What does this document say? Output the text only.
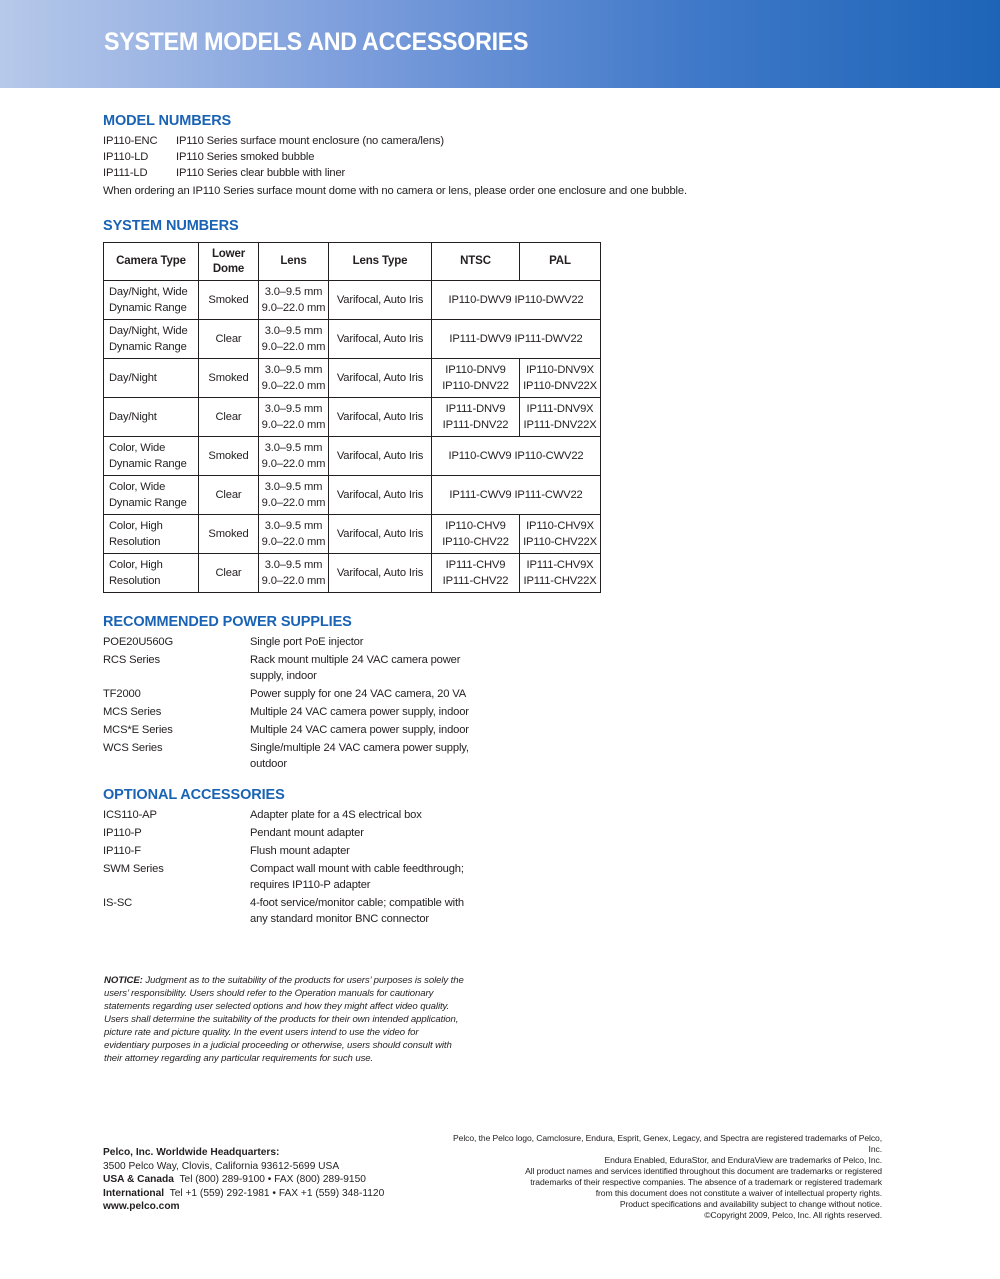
SYSTEM MODELS AND ACCESSORIES
MODEL NUMBERS
IP110-ENC	IP110 Series surface mount enclosure (no camera/lens)
IP110-LD	IP110 Series smoked bubble
IP111-LD	IP110 Series clear bubble with liner
When ordering an IP110 Series surface mount dome with no camera or lens, please order one enclosure and one bubble.
SYSTEM NUMBERS
Camera Type	Lower Dome	Lens	Lens Type	NTSC	PAL
Day/Night, Wide Dynamic Range	Smoked	3.0–9.5 mm 9.0–22.0 mm	Varifocal, Auto Iris	IP110-DWV9 IP110-DWV22	
Day/Night, Wide Dynamic Range	Clear	3.0–9.5 mm 9.0–22.0 mm	Varifocal, Auto Iris	IP111-DWV9 IP111-DWV22	
Day/Night	Smoked	3.0–9.5 mm 9.0–22.0 mm	Varifocal, Auto Iris	IP110-DNV9 IP110-DNV22	IP110-DNV9X IP110-DNV22X
Day/Night	Clear	3.0–9.5 mm 9.0–22.0 mm	Varifocal, Auto Iris	IP111-DNV9 IP111-DNV22	IP111-DNV9X IP111-DNV22X
Color, Wide Dynamic Range	Smoked	3.0–9.5 mm 9.0–22.0 mm	Varifocal, Auto Iris	IP110-CWV9 IP110-CWV22	
Color, Wide Dynamic Range	Clear	3.0–9.5 mm 9.0–22.0 mm	Varifocal, Auto Iris	IP111-CWV9 IP111-CWV22	
Color, High Resolution	Smoked	3.0–9.5 mm 9.0–22.0 mm	Varifocal, Auto Iris	IP110-CHV9 IP110-CHV22	IP110-CHV9X IP110-CHV22X
Color, High Resolution	Clear	3.0–9.5 mm 9.0–22.0 mm	Varifocal, Auto Iris	IP111-CHV9 IP111-CHV22	IP111-CHV9X IP111-CHV22X
RECOMMENDED POWER SUPPLIES
POE20U560G	Single port PoE injector
RCS Series	Rack mount multiple 24 VAC camera power supply, indoor
TF2000	Power supply for one 24 VAC camera, 20 VA
MCS Series	Multiple 24 VAC camera power supply, indoor
MCS*E Series	Multiple 24 VAC camera power supply, indoor
WCS Series	Single/multiple 24 VAC camera power supply, outdoor
OPTIONAL ACCESSORIES
ICS110-AP	Adapter plate for a 4S electrical box
IP110-P	Pendant mount adapter
IP110-F	Flush mount adapter
SWM Series	Compact wall mount with cable feedthrough; requires IP110-P adapter
IS-SC	4-foot service/monitor cable; compatible with any standard monitor BNC connector
NOTICE: Judgment as to the suitability of the products for users’ purposes is solely the users’ responsibility. Users should refer to the Operation manuals for cautionary statements regarding user selected options and how they might affect video quality. Users shall determine the suitability of the products for their own intended application, picture rate and picture quality. In the event users intend to use the video for evidentiary purposes in a judicial proceeding or otherwise, users should consult with their attorney regarding any particular requirements for such use.
Pelco, Inc. Worldwide Headquarters:
3500 Pelco Way, Clovis, California 93612-5699 USA
USA & Canada Tel (800) 289-9100 • FAX (800) 289-9150
International Tel +1 (559) 292-1981 • FAX +1 (559) 348-1120
www.pelco.com
Pelco, the Pelco logo, Camclosure, Endura, Esprit, Genex, Legacy, and Spectra are registered trademarks of Pelco, Inc.
Endura Enabled, EduraStor, and EnduraView are trademarks of Pelco, Inc.
All product names and services identified throughout this document are trademarks or registered
trademarks of their respective companies. The absence of a trademark or registered trademark
from this document does not constitute a waiver of intellectual property rights.
Product specifications and availability subject to change without notice.
©Copyright 2009, Pelco, Inc. All rights reserved.
